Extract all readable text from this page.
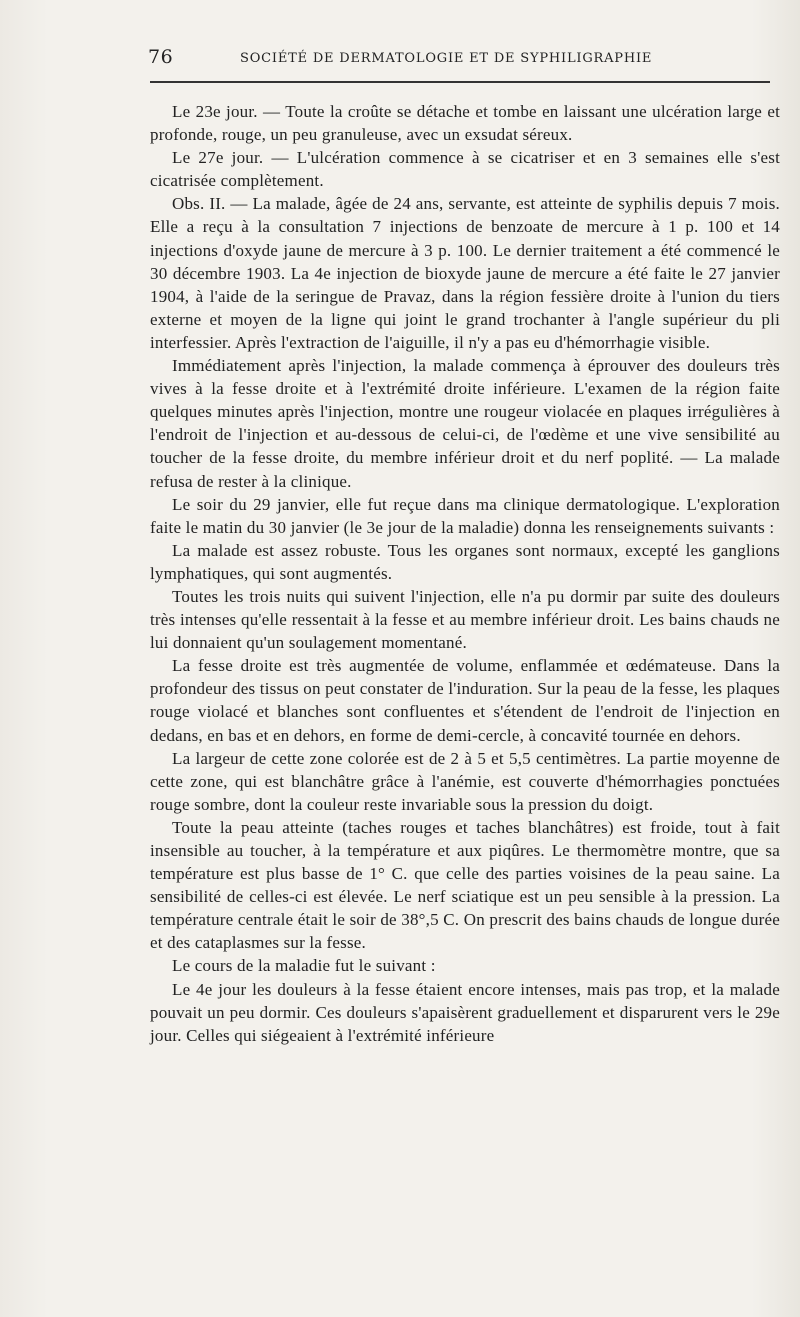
76	SOCIÉTÉ DE DERMATOLOGIE ET DE SYPHILIGRAPHIE

Le 23e jour. — Toute la croûte se détache et tombe en laissant une ulcération large et profonde, rouge, un peu granuleuse, avec un exsudat séreux.

Le 27e jour. — L'ulcération commence à se cicatriser et en 3 semaines elle s'est cicatrisée complètement.

Obs. II. — La malade, âgée de 24 ans, servante, est atteinte de syphilis depuis 7 mois. Elle a reçu à la consultation 7 injections de benzoate de mercure à 1 p. 100 et 14 injections d'oxyde jaune de mercure à 3 p. 100. Le dernier traitement a été commencé le 30 décembre 1903. La 4e injection de bioxyde jaune de mercure a été faite le 27 janvier 1904, à l'aide de la seringue de Pravaz, dans la région fessière droite à l'union du tiers externe et moyen de la ligne qui joint le grand trochanter à l'angle supérieur du pli interfessier. Après l'extraction de l'aiguille, il n'y a pas eu d'hémorrhagie visible.

Immédiatement après l'injection, la malade commença à éprouver des douleurs très vives à la fesse droite et à l'extrémité droite inférieure. L'examen de la région faite quelques minutes après l'injection, montre une rougeur violacée en plaques irrégulières à l'endroit de l'injection et au-dessous de celui-ci, de l'œdème et une vive sensibilité au toucher de la fesse droite, du membre inférieur droit et du nerf poplité. — La malade refusa de rester à la clinique.

Le soir du 29 janvier, elle fut reçue dans ma clinique dermatologique. L'exploration faite le matin du 30 janvier (le 3e jour de la maladie) donna les renseignements suivants :

La malade est assez robuste. Tous les organes sont normaux, excepté les ganglions lymphatiques, qui sont augmentés.

Toutes les trois nuits qui suivent l'injection, elle n'a pu dormir par suite des douleurs très intenses qu'elle ressentait à la fesse et au membre inférieur droit. Les bains chauds ne lui donnaient qu'un soulagement momentané.

La fesse droite est très augmentée de volume, enflammée et œdémateuse. Dans la profondeur des tissus on peut constater de l'induration. Sur la peau de la fesse, les plaques rouge violacé et blanches sont confluentes et s'étendent de l'endroit de l'injection en dedans, en bas et en dehors, en forme de demi-cercle, à concavité tournée en dehors.

La largeur de cette zone colorée est de 2 à 5 et 5,5 centimètres. La partie moyenne de cette zone, qui est blanchâtre grâce à l'anémie, est couverte d'hémorrhagies ponctuées rouge sombre, dont la couleur reste invariable sous la pression du doigt.

Toute la peau atteinte (taches rouges et taches blanchâtres) est froide, tout à fait insensible au toucher, à la température et aux piqûres. Le thermomètre montre, que sa température est plus basse de 1° C. que celle des parties voisines de la peau saine. La sensibilité de celles-ci est élevée. Le nerf sciatique est un peu sensible à la pression. La température centrale était le soir de 38°,5 C. On prescrit des bains chauds de longue durée et des cataplasmes sur la fesse.

Le cours de la maladie fut le suivant :

Le 4e jour les douleurs à la fesse étaient encore intenses, mais pas trop, et la malade pouvait un peu dormir. Ces douleurs s'apaisèrent graduellement et disparurent vers le 29e jour. Celles qui siégeaient à l'extrémité inférieure
